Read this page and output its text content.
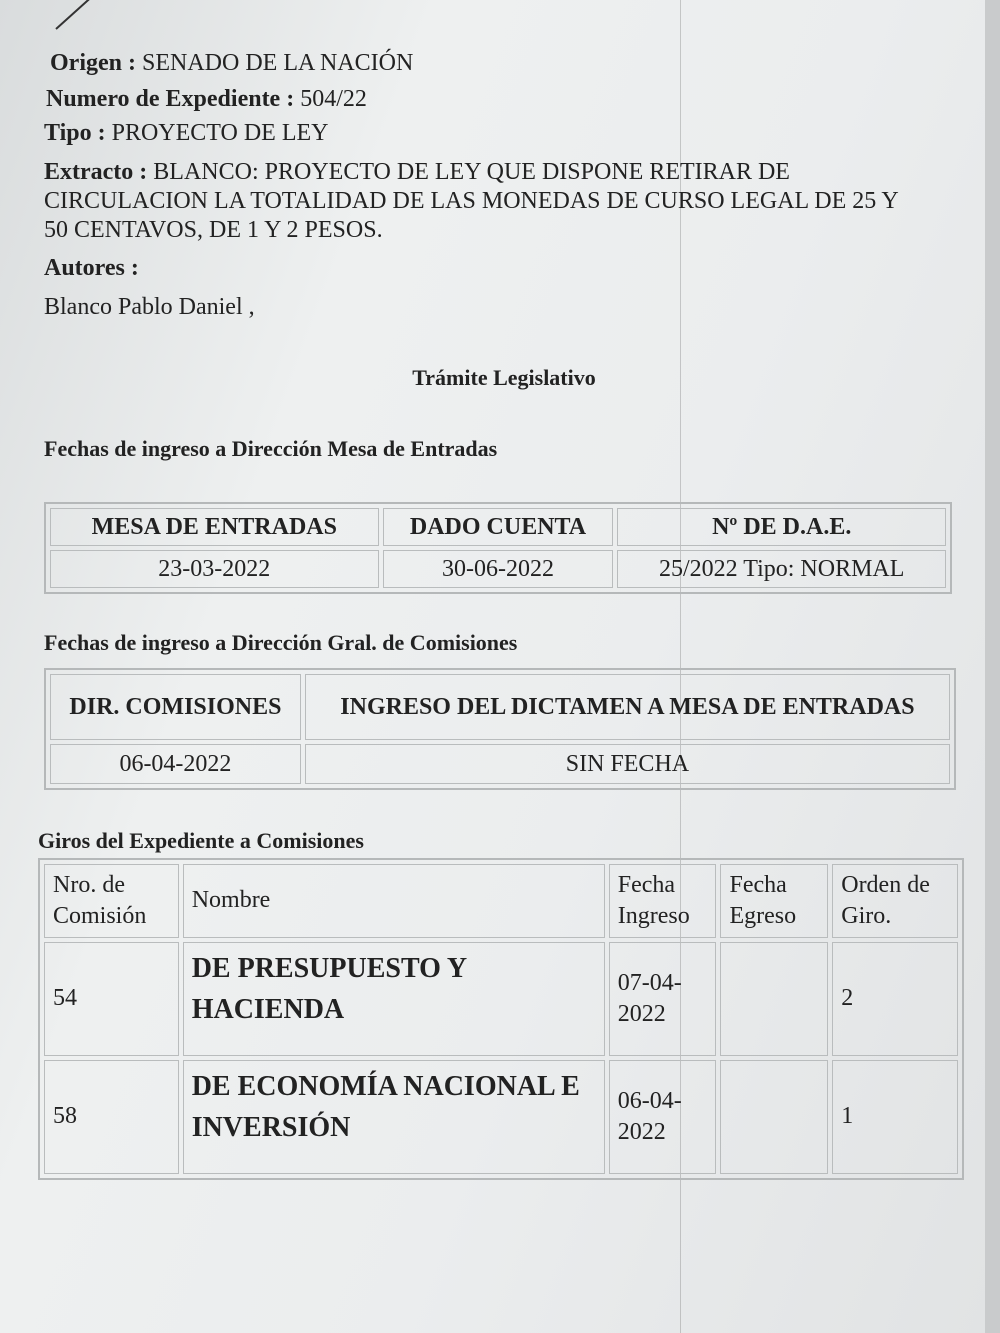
Origen : SENADO DE LA NACIÓN
Numero de Expediente : 504/22
Tipo : PROYECTO DE LEY
Extracto : BLANCO: PROYECTO DE LEY QUE DISPONE RETIRAR DE CIRCULACION LA TOTALIDAD DE LAS MONEDAS DE CURSO LEGAL DE 25 Y 50 CENTAVOS, DE 1 Y 2 PESOS.
Autores :
Blanco Pablo Daniel ,
Trámite Legislativo
Fechas de ingreso a Dirección Mesa de Entradas
MESA DE ENTRADAS	DADO CUENTA	Nº DE D.A.E.
23-03-2022	30-06-2022	25/2022 Tipo: NORMAL
Fechas de ingreso a Dirección Gral. de Comisiones
DIR. COMISIONES	INGRESO DEL DICTAMEN A MESA DE ENTRADAS
06-04-2022	SIN FECHA
Giros del Expediente a Comisiones
Nro. de Comisión	Nombre	Fecha Ingreso	Fecha Egreso	Orden de Giro.
54	DE PRESUPUESTO Y HACIENDA	07-04-2022		2
58	DE ECONOMÍA NACIONAL E INVERSIÓN	06-04-2022		1
